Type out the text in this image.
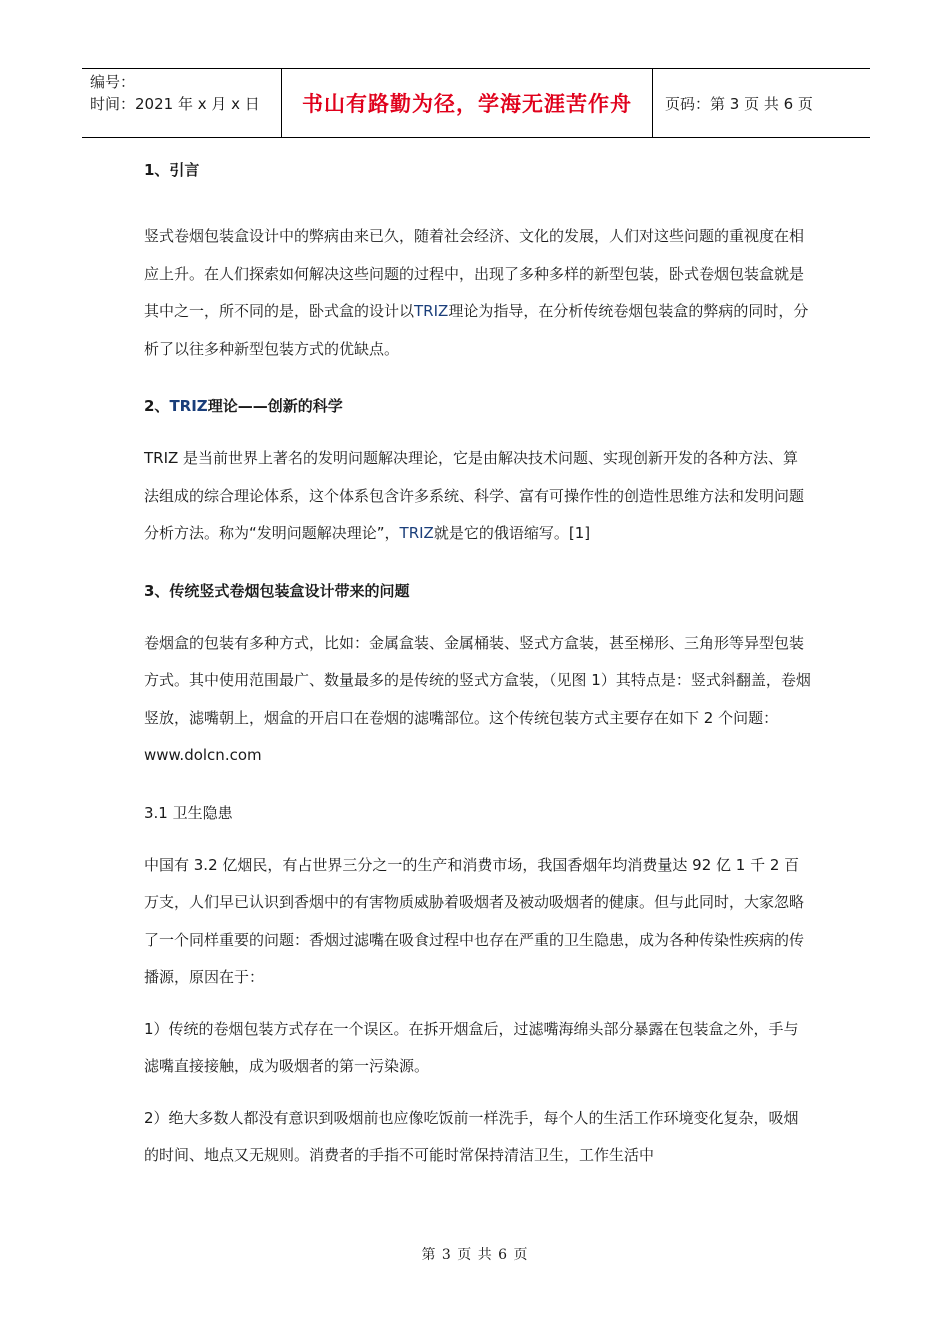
编号：
时间：2021 年 x 月 x 日	书山有路勤为径，学海无涯苦作舟	页码：第 3 页 共 6 页
1、引言
竖式卷烟包装盒设计中的弊病由来已久，随着社会经济、文化的发展，人们对这些问题的重视度在相应上升。在人们探索如何解决这些问题的过程中，出现了多种多样的新型包装，卧式卷烟包装盒就是其中之一，所不同的是，卧式盒的设计以TRIZ理论为指导，在分析传统卷烟包装盒的弊病的同时，分析了以往多种新型包装方式的优缺点。
2、TRIZ理论——创新的科学
TRIZ 是当前世界上著名的发明问题解决理论，它是由解决技术问题、实现创新开发的各种方法、算法组成的综合理论体系，这个体系包含许多系统、科学、富有可操作性的创造性思维方法和发明问题分析方法。称为“发明问题解决理论”，TRIZ就是它的俄语缩写。[1]
3、传统竖式卷烟包装盒设计带来的问题
卷烟盒的包装有多种方式，比如：金属盒装、金属桶装、竖式方盒装，甚至梯形、三角形等异型包装方式。其中使用范围最广、数量最多的是传统的竖式方盒装，（见图 1）其特点是：竖式斜翻盖，卷烟竖放，滤嘴朝上，烟盒的开启口在卷烟的滤嘴部位。这个传统包装方式主要存在如下 2 个问题：www.dolcn.com
3.1 卫生隐患
中国有 3.2 亿烟民，有占世界三分之一的生产和消费市场，我国香烟年均消费量达 92 亿 1 千 2 百万支，人们早已认识到香烟中的有害物质威胁着吸烟者及被动吸烟者的健康。但与此同时，大家忽略了一个同样重要的问题：香烟过滤嘴在吸食过程中也存在严重的卫生隐患，成为各种传染性疾病的传播源，原因在于：
1）传统的卷烟包装方式存在一个误区。在拆开烟盒后，过滤嘴海绵头部分暴露在包装盒之外，手与滤嘴直接接触，成为吸烟者的第一污染源。
2）绝大多数人都没有意识到吸烟前也应像吃饭前一样洗手，每个人的生活工作环境变化复杂，吸烟的时间、地点又无规则。消费者的手指不可能时常保持清洁卫生，工作生活中
第 3 页 共 6 页
